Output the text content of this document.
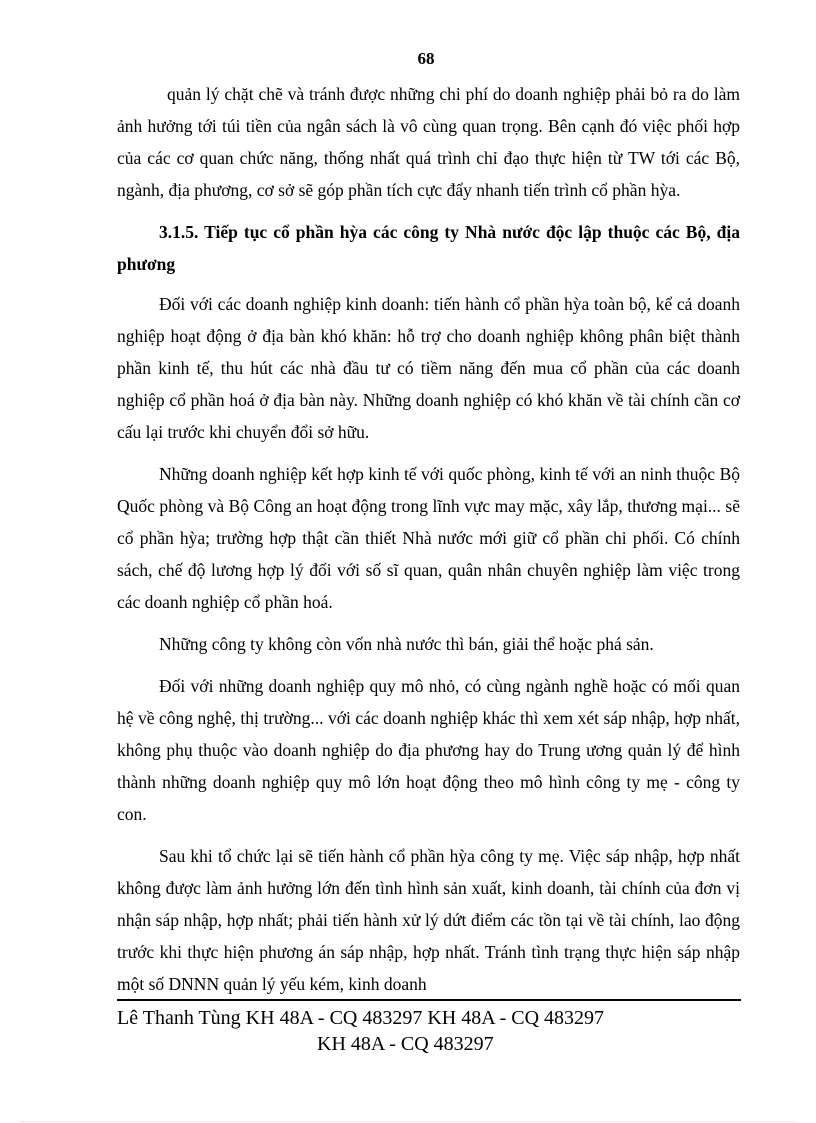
68

quản lý chặt chẽ và tránh được những chi phí do doanh nghiệp phải bỏ ra do làm ảnh hưởng tới túi tiền của ngân sách là vô cùng quan trọng. Bên cạnh đó việc phối hợp của các cơ quan chức năng, thống nhất quá trình chỉ đạo thực hiện từ TW tới các Bộ, ngành, địa phương, cơ sở sẽ góp phần tích cực đẩy nhanh tiến trình cổ phần hỳa.

3.1.5. Tiếp tục cổ phần hỳa các công ty Nhà nước độc lập thuộc các Bộ, địa phương

Đối với các doanh nghiệp kinh doanh: tiến hành cổ phần hỳa toàn bộ, kể cả doanh nghiệp hoạt động ở địa bàn khó khăn: hỗ trợ cho doanh nghiệp không phân biệt thành phần kinh tế, thu hút các nhà đầu tư có tiềm năng đến mua cổ phần của các doanh nghiệp cổ phần hoá ở địa bàn này. Những doanh nghiệp có khó khăn về tài chính cần cơ cấu lại trước khi chuyển đổi sở hữu.

Những doanh nghiệp kết hợp kinh tế với quốc phòng, kinh tế với an ninh thuộc Bộ Quốc phòng và Bộ Công an hoạt động trong lĩnh vực may mặc, xây lắp, thương mại... sẽ cổ phần hỳa; trường hợp thật cần thiết Nhà nước mới giữ cổ phần chi phối. Có chính sách, chế độ lương hợp lý đối với số sĩ quan, quân nhân chuyên nghiệp làm việc trong các doanh nghiệp cổ phần hoá.

Những công ty không còn vốn nhà nước thì bán, giải thể hoặc phá sản.

Đối với những doanh nghiệp quy mô nhỏ, có cùng ngành nghề hoặc có mối quan hệ về công nghệ, thị trường... với các doanh nghiệp khác thì xem xét sáp nhập, hợp nhất, không phụ thuộc vào doanh nghiệp do địa phương hay do Trung ương quản lý để hình thành những doanh nghiệp quy mô lớn hoạt động theo mô hình công ty mẹ - công ty con.

Sau khi tổ chức lại sẽ tiến hành cổ phần hỳa công ty mẹ. Việc sáp nhập, hợp nhất không được làm ảnh hưởng lớn đến tình hình sản xuất, kinh doanh, tài chính của đơn vị nhận sáp nhập, hợp nhất; phải tiến hành xử lý dứt điểm các tồn tại về tài chính, lao động trước khi thực hiện phương án sáp nhập, hợp nhất. Tránh tình trạng thực hiện sáp nhập một số DNNN quản lý yếu kém, kinh doanh

Lê Thanh Tùng KH 48A - CQ 483297 KH 48A - CQ 483297
KH 48A - CQ 483297
